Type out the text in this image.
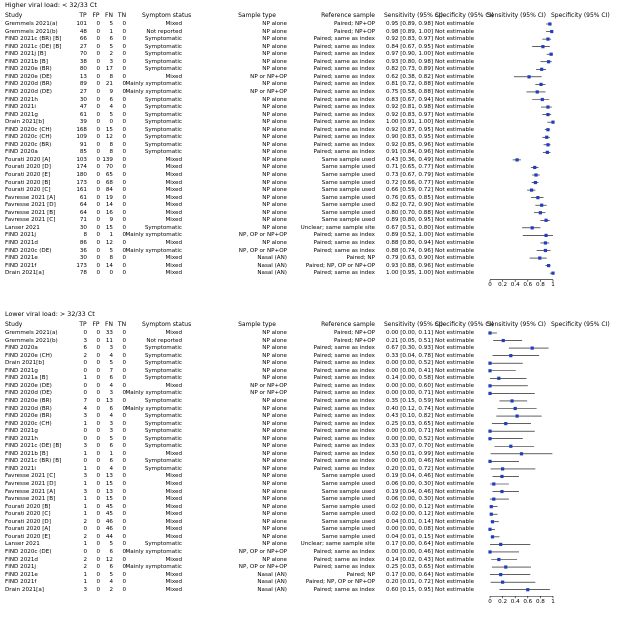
Higher viral load: < 32/33 Ct
Study	TP FP FN TN	Symptom status	Sample type	Reference sample Sensitivity (95% CI)
Specificity (95% CI)
Sensitivity (95% CI) Specificity (95% CI)
Gremmels 2021(a)	101	0	5	0	Mixed	NP alone	Paired; NP+OP 0.95 [0.89, 0.98] Not estimable
Gremmels 2021(b)	48	0	1	0	Not reported	NP alone	Paired; NP+OP 0.98 [0.89, 1.00] Not estimable
FIND 2021c (BR) [B]	66	0	6	0	Symptomatic	NP alone	Paired; same as index 0.92 [0.83, 0.97] Not estimable
FIND 2021c (DE) [B]	27	0	5	0	Symptomatic	NP alone	Paired; same as index 0.84 [0.67, 0.95] Not estimable
FIND 2021j [B]	70	0	2	0	Symptomatic	NP alone	Paired; same as index 0.97 [0.90, 1.00] Not estimable
FIND 2021b [B]	38	0	3	0	Symptomatic	NP alone	Paired; same as index 0.93 [0.80, 0.98] Not estimable
FIND 2020e (BR)	80	0	17	0	Symptomatic	NP alone	Paired; same as index 0.82 [0.73, 0.89] Not estimable
FIND 2020e (DE)	13	0	8	0	Mixed	NP or NP+OP	Paired; same as index 0.62 [0.38, 0.82] Not estimable
FIND 2020d (BR)	89	0	21	0 Mainly symptomatic	NP alone	Paired; same as index 0.81 [0.72, 0.88] Not estimable
FIND 2020d (DE)	27	0	9	0 Mainly symptomatic	NP or NP+OP	Paired; same as index 0.75 [0.58, 0.88] Not estimable
FIND 2021h	30	0	6	0	Symptomatic	NP alone	Paired; same as index 0.83 [0.67, 0.94] Not estimable
FIND 2021i	47	0	4	0	Symptomatic	NP alone	Paired; same as index 0.92 [0.81, 0.98] Not estimable
FIND 2021g	61	0	5	0	Symptomatic	NP alone	Paired; same as index 0.92 [0.83, 0.97] Not estimable
Drain 2021[b]	39	0	0	0	Symptomatic	NP alone	Paired; same as index 1.00 [0.91, 1.00] Not estimable
FIND 2020c (CH)	168	0	15	0	Symptomatic	NP alone	Paired; same as index 0.92 [0.87, 0.95] Not estimable
FIND 2020c (CH)	109	0	12	0	Symptomatic	NP alone	Paired; same as index 0.90 [0.83, 0.95] Not estimable
FIND 2020c (BR)	91	0	8	0	Symptomatic	NP alone	Paired; same as index 0.92 [0.85, 0.96] Not estimable
FIND 2020a	85	0	8	0	Symptomatic	NP alone	Paired; same as index 0.91 [0.84, 0.96] Not estimable
Fourati 2020 [A]	103	0 139	0	Mixed	NP alone	Same sample used 0.43 [0.36, 0.49] Not estimable
Fourati 2020 [D]	174	0	70	0	Mixed	NP alone	Same sample used 0.71 [0.65, 0.77] Not estimable
Fourati 2020 [E]	180	0	65	0	Mixed	NP alone	Same sample used 0.73 [0.67, 0.79] Not estimable
Fourati 2020 [B]	173	0	68	0	Mixed	NP alone	Same sample used 0.72 [0.66, 0.77] Not estimable
Fourati 2020 [C]	161	0	84	0	Mixed	NP alone	Same sample used 0.66 [0.59, 0.72] Not estimable
Favresse 2021 [A]	61	0	19	0	Mixed	NP alone	Same sample used 0.76 [0.65, 0.85] Not estimable
Favresse 2021 [D]	64	0	14	0	Mixed	NP alone	Same sample used 0.82 [0.72, 0.90] Not estimable
Favresse 2021 [B]	64	0	16	0	Mixed	NP alone	Same sample used 0.80 [0.70, 0.88] Not estimable
Favresse 2021 [C]	71	0	9	0	Mixed	NP alone	Same sample used 0.89 [0.80, 0.95] Not estimable
Lanser 2021	30	0	15	0	Symptomatic	NP alone	Unclear; same sample site 0.67 [0.51, 0.80] Not estimable
FIND 2021j	8	0	1	0 Mainly symptomatic	NP, OP or NP+OP	Paired; same as index 0.89 [0.52, 1.00] Not estimable
FIND 2021d	86	0	12	0	Mixed	NP alone	Paired; same as index 0.88 [0.80, 0.94] Not estimable
FIND 2020c (DE)	36	0	5	0 Mainly symptomatic	NP, OP or NP+OP	Paired; same as index 0.88 [0.74, 0.96] Not estimable
FIND 2021e	30	0	8	0	Mixed	Nasal (AN)	Paired; NP 0.79 [0.63, 0.90] Not estimable
FIND 2021f	173	0	14	0	Mixed	Nasal (AN)	Paired; NP, OP or NP+OP 0.93 [0.88, 0.96] Not estimable
Drain 2021[a]	78	0	0	0	Mixed	Nasal (AN)	Paired; same as index 1.00 [0.95, 1.00] Not estimable
Lower viral load: > 32/33 Ct
Study	TP FP FN TN	Symptom status	Sample type	Reference sample Sensitivity (95% CI)
Specificity (95% CI)
Sensitivity (95% CI) Specificity (95% CI)
Gremmels 2021(a)	0	0	33	0	Mixed	NP alone	Paired; NP+OP 0.00 [0.00, 0.11] Not estimable
Gremmels 2021(b)	3	0	11	0	Not reported	NP alone	Paired; NP+OP 0.21 [0.05, 0.51] Not estimable
FIND 2020a	6	0	3	0	Symptomatic	NP alone	Paired; same as index 0.67 [0.30, 0.93] Not estimable
FIND 2020e (CH)	2	0	4	0	Symptomatic	NP alone	Paired; same as index 0.33 [0.04, 0.78] Not estimable
Drain 2021[b]	0	0	5	0	Symptomatic	NP alone	Paired; same as index 0.00 [0.00, 0.52] Not estimable
FIND 2021g	0	0	7	0	Symptomatic	NP alone	Paired; same as index 0.00 [0.00, 0.41] Not estimable
FIND 2021a [B]	1	0	6	0	Symptomatic	NP alone	Paired; same as index 0.14 [0.00, 0.58] Not estimable
FIND 2020e (DE)	0	0	4	0	Mixed	NP or NP+OP	Paired; same as index 0.00 [0.00, 0.60] Not estimable
FIND 2020d (DE)	0	0	3	0 Mainly symptomatic	NP or NP+OP	Paired; same as index 0.00 [0.00, 0.71] Not estimable
FIND 2020e (BR)	7	0	13	0	Symptomatic	NP alone	Paired; same as index 0.35 [0.15, 0.59] Not estimable
FIND 2020d (BR)	4	0	6	0 Mainly symptomatic	NP alone	Paired; same as index 0.40 [0.12, 0.74] Not estimable
FIND 2020e (BR)	3	0	4	0	Symptomatic	NP alone	Paired; same as index 0.43 [0.10, 0.82] Not estimable
FIND 2020c (CH)	1	0	3	0	Symptomatic	NP alone	Paired; same as index 0.25 [0.03, 0.65] Not estimable
FIND 2021g	0	0	3	0	Symptomatic	NP alone	Paired; same as index 0.00 [0.00, 0.71] Not estimable
FIND 2021h	0	0	5	0	Symptomatic	NP alone	Paired; same as index 0.00 [0.00, 0.52] Not estimable
FIND 2021c (DE) [B]	3	0	6	0	Symptomatic	NP alone	Paired; same as index 0.33 [0.07, 0.70] Not estimable
FIND 2021b [B]	1	0	1	0	Mixed	NP alone	Paired; same as index 0.50 [0.01, 0.99] Not estimable
FIND 2021c (BR) [B]	0	0	6	0	Symptomatic	NP alone	Paired; same as index 0.00 [0.00, 0.46] Not estimable
FIND 2021i	1	0	4	0	Symptomatic	NP alone	Paired; same as index 0.20 [0.01, 0.72] Not estimable
Favresse 2021 [C]	3	0	13	0	Mixed	NP alone	Same sample used 0.19 [0.04, 0.46] Not estimable
Favresse 2021 [D]	1	0	15	0	Mixed	NP alone	Same sample used 0.06 [0.00, 0.30] Not estimable
Favresse 2021 [A]	3	0	13	0	Mixed	NP alone	Same sample used 0.19 [0.04, 0.46] Not estimable
Favresse 2021 [B]	1	0	15	0	Mixed	NP alone	Same sample used 0.06 [0.00, 0.30] Not estimable
Fourati 2020 [B]	1	0	45	0	Mixed	NP alone	Same sample used 0.02 [0.00, 0.12] Not estimable
Fourati 2020 [C]	1	0	45	0	Mixed	NP alone	Same sample used 0.02 [0.00, 0.12] Not estimable
Fourati 2020 [D]	2	0	46	0	Mixed	NP alone	Same sample used 0.04 [0.01, 0.14] Not estimable
Fourati 2020 [A]	0	0	46	0	Mixed	NP alone	Same sample used 0.00 [0.00, 0.08] Not estimable
Fourati 2020 [E]	2	0	44	0	Mixed	NP alone	Same sample used 0.04 [0.01, 0.15] Not estimable
Lanser 2021	1	0	5	0	Symptomatic	NP alone	Unclear; same sample site 0.17 [0.00, 0.64] Not estimable
FIND 2020c (DE)	0	0	6	0 Mainly symptomatic	NP, OP or NP+OP	Paired; same as index 0.00 [0.00, 0.46] Not estimable
FIND 2021d	2	0	12	0	Mixed	NP alone	Paired; same as index 0.14 [0.02, 0.43] Not estimable
FIND 2021j	2	0	6	0 Mainly symptomatic	NP, OP or NP+OP	Paired; same as index 0.25 [0.03, 0.65] Not estimable
FIND 2021e	1	0	5	0	Mixed	Nasal (AN)	Paired; NP 0.17 [0.00, 0.64] Not estimable
FIND 2021f	1	0	4	0	Mixed	Nasal (AN)	Paired; NP, OP or NP+OP 0.20 [0.01, 0.72] Not estimable
Drain 2021[a]	3	0	2	0	Mixed	Nasal (AN)	Paired; same as index 0.60 [0.15, 0.95] Not estimable
0	0.2 0.4 0.6 0.8	1
0	0.2 0.4 0.6 0.8	1
